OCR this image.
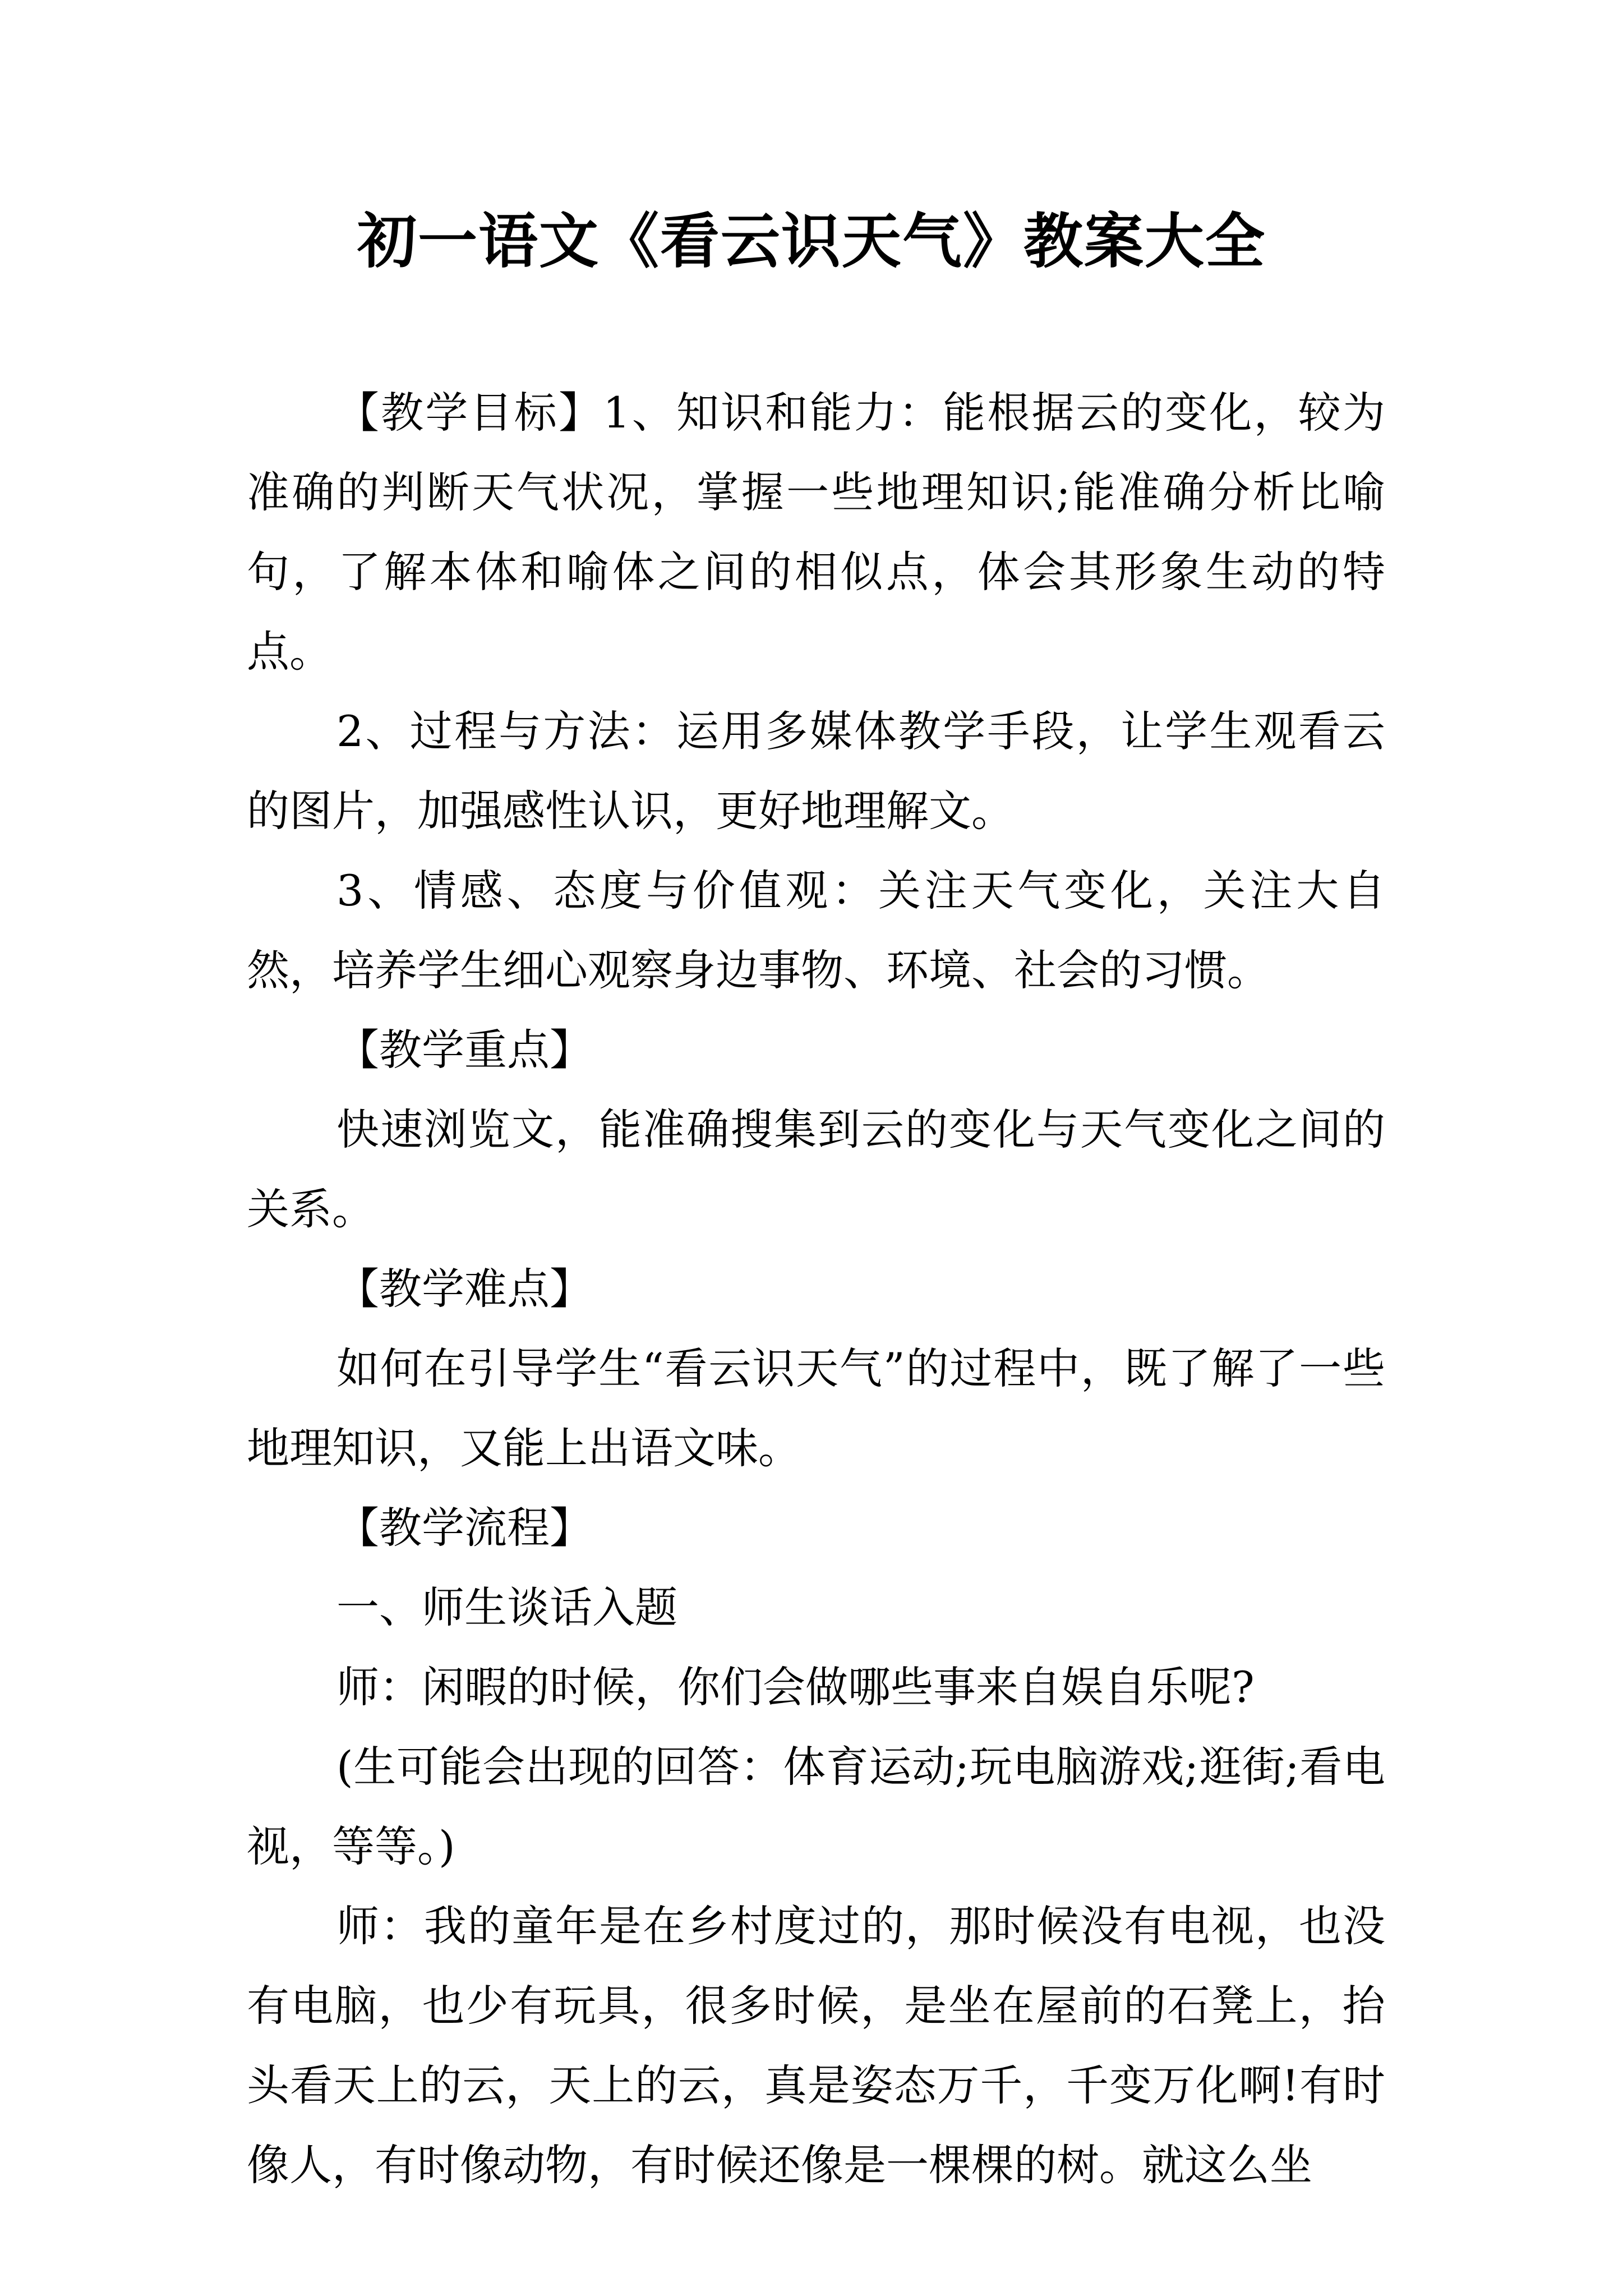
初一语文《看云识天气》教案大全

【教学目标】1、知识和能力：能根据云的变化，较为准确的判断天气状况，掌握一些地理知识;能准确分析比喻句，了解本体和喻体之间的相似点，体会其形象生动的特点。

2、过程与方法：运用多媒体教学手段，让学生观看云的图片，加强感性认识，更好地理解文。

3、情感、态度与价值观：关注天气变化，关注大自然，培养学生细心观察身边事物、环境、社会的习惯。

【教学重点】

快速浏览文，能准确搜集到云的变化与天气变化之间的关系。

【教学难点】

如何在引导学生“看云识天气”的过程中，既了解了一些地理知识，又能上出语文味。

【教学流程】

一、师生谈话入题

师：闲暇的时候，你们会做哪些事来自娱自乐呢?

(生可能会出现的回答：体育运动;玩电脑游戏;逛街;看电视，等等。)

师：我的童年是在乡村度过的，那时候没有电视，也没有电脑，也少有玩具，很多时候，是坐在屋前的石凳上，抬头看天上的云，天上的云，真是姿态万千，千变万化啊!有时像人，有时像动物，有时候还像是一棵棵的树。就这么坐
